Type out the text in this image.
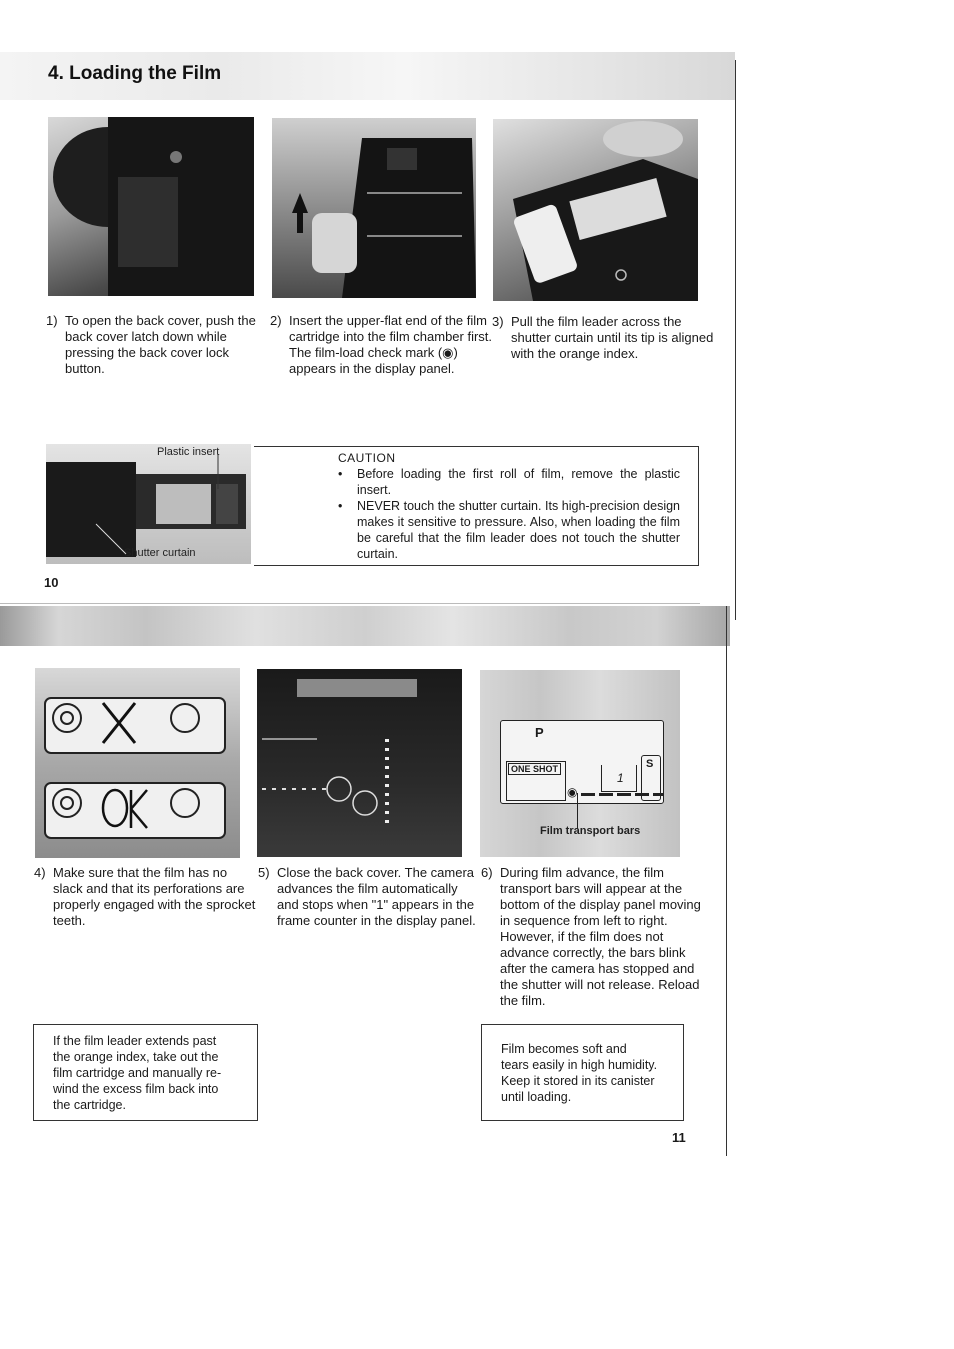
4. Loading the Film
1) To open the back cover, push the back cover latch down while pressing the back cover lock button.
2) Insert the upper-flat end of the film cartridge into the film chamber first. The film-load check mark (◉) appears in the display panel.
3) Pull the film leader across the shutter curtain until its tip is aligned with the orange index.
Plastic insert
Shutter curtain
CAUTION
• Before loading the first roll of film, remove the plastic insert.
• NEVER touch the shutter curtain. Its high-precision design makes it sensitive to pressure. Also, when loading the film be careful that the film leader does not touch the shutter curtain.
10
P
ONE SHOT
◉
1
S
Film transport bars
4) Make sure that the film has no slack and that its perforations are properly engaged with the sprocket teeth.
5) Close the back cover. The camera advances the film automatically and stops when "1" appears in the frame counter in the display panel.
6) During film advance, the film transport bars will appear at the bottom of the display panel moving in sequence from left to right. However, if the film does not advance correctly, the bars blink after the camera has stopped and the shutter will not release. Reload the film.
If the film leader extends past
the orange index, take out the
film cartridge and manually re-
wind the excess film back into
the cartridge.
Film becomes soft and
tears easily in high humidity.
Keep it stored in its canister
until loading.
11
